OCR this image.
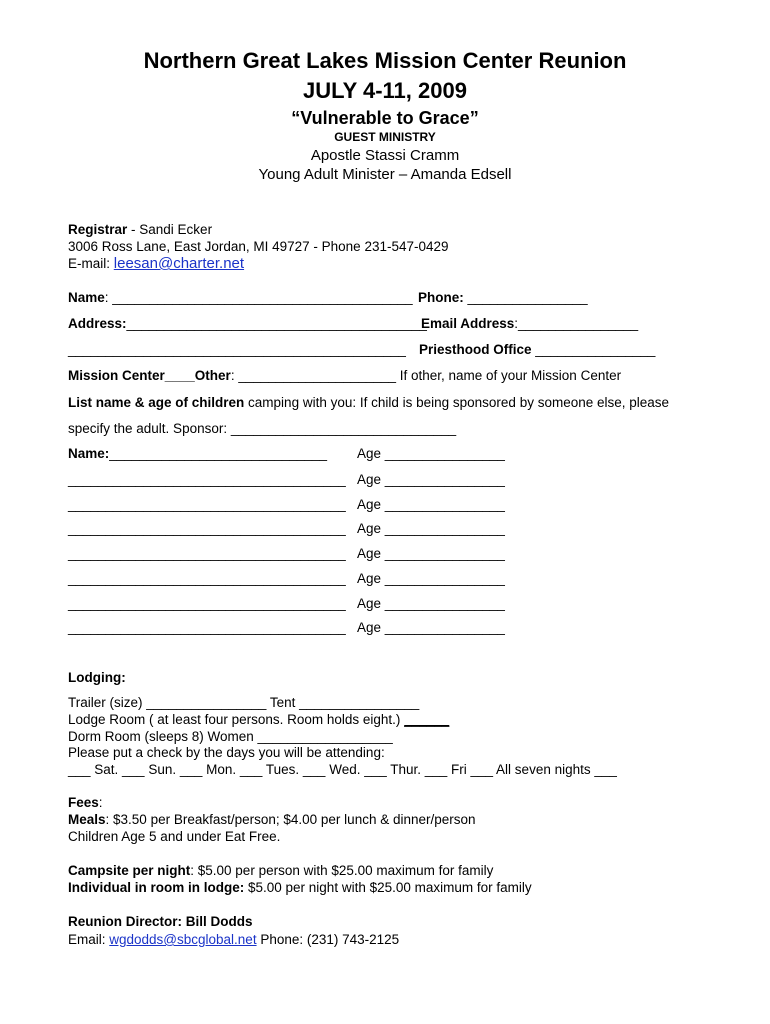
Northern Great Lakes Mission Center Reunion
JULY 4-11, 2009
“Vulnerable to Grace”
GUEST MINISTRY
Apostle Stassi Cramm
Young Adult Minister – Amanda Edsell
Registrar - Sandi Ecker
3006 Ross Lane, East Jordan, MI 49727 - Phone 231-547-0429
E-mail: leesan@charter.net
Name: ________________________________________ Phone: ________________
Address:________________________________________
Email Address:________________
_____________________________________________ Priesthood Office ________________
Mission Center____Other: _____________________ If other, name of your Mission Center
List name & age of children camping with you: If child is being sponsored by someone else, please
specify the adult. Sponsor: ______________________________
Name:_____________________________ Age ________________
_____________________________________ Age ________________
_____________________________________ Age ________________
_____________________________________ Age ________________
_____________________________________ Age ________________
_____________________________________ Age ________________
_____________________________________ Age ________________
_____________________________________ Age ________________
Lodging:
Trailer (size) ________________ Tent ________________
Lodge Room ( at least four persons. Room holds eight.) ______
Dorm Room (sleeps 8) Women __________________
Please put a check by the days you will be attending:
___ Sat. ___ Sun. ___ Mon. ___ Tues. ___ Wed. ___ Thur. ___ Fri ___ All seven nights ___
Fees:
Meals: $3.50 per Breakfast/person; $4.00 per lunch & dinner/person
Children Age 5 and under Eat Free.
Campsite per night: $5.00 per person with $25.00 maximum for family
Individual in room in lodge: $5.00 per night with $25.00 maximum for family
Reunion Director: Bill Dodds
Email: wgdodds@sbcglobal.net Phone: (231) 743-2125
